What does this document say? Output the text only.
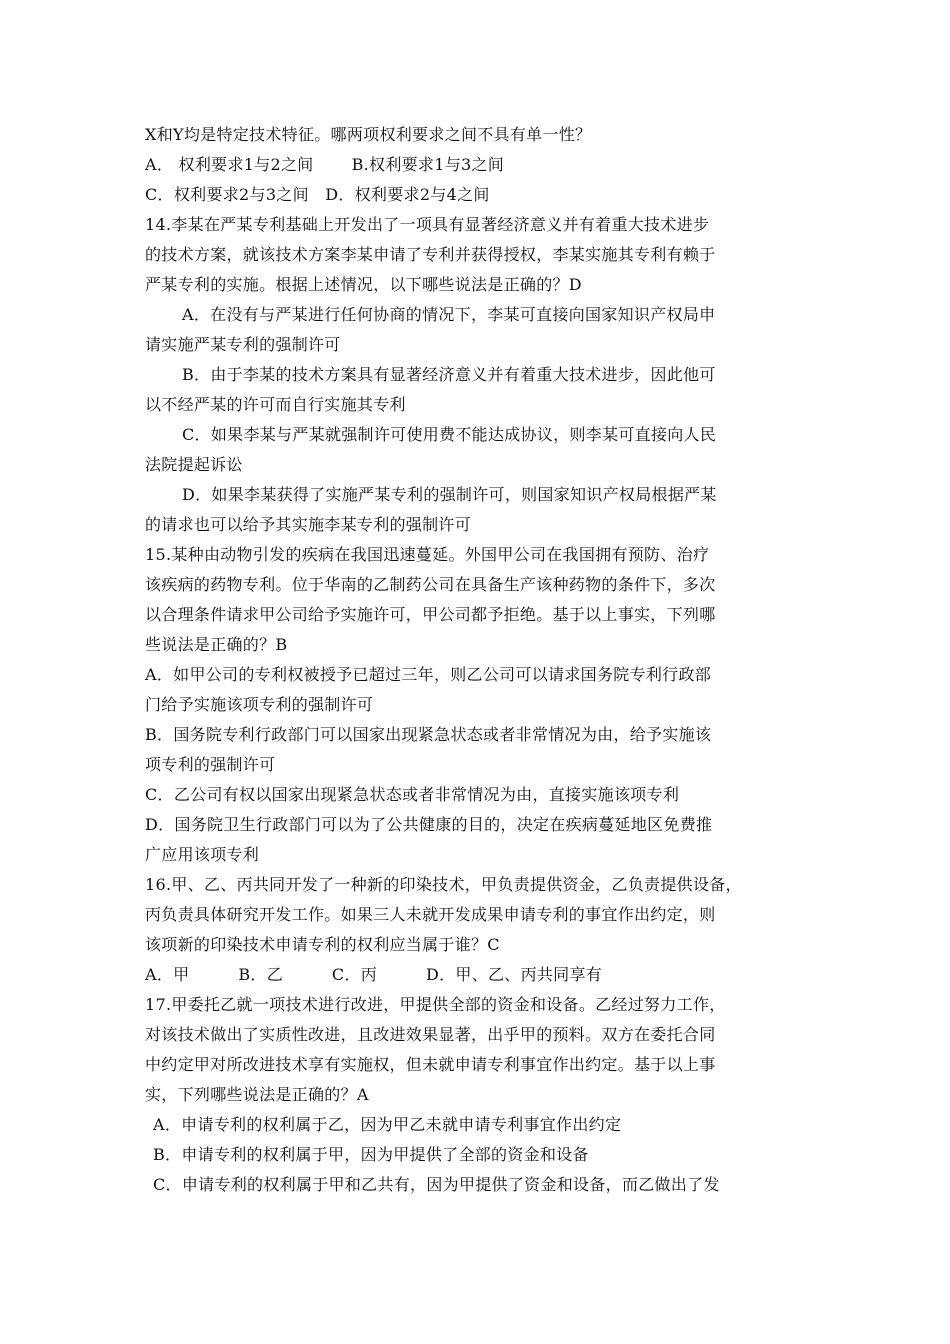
X和Y均是特定技术特征。哪两项权利要求之间不具有单一性？
A． 权利要求1与2之间　　 B.权利要求1与3之间
C．权利要求2与3之间　D．权利要求2与4之间
14.李某在严某专利基础上开发出了一项具有显著经济意义并有着重大技术进步
的技术方案，就该技术方案李某申请了专利并获得授权，李某实施其专利有赖于
严某专利的实施。根据上述情况，以下哪些说法是正确的？D
A．在没有与严某进行任何协商的情况下，李某可直接向国家知识产权局申
请实施严某专利的强制许可
B．由于李某的技术方案具有显著经济意义并有着重大技术进步，因此他可
以不经严某的许可而自行实施其专利
C．如果李某与严某就强制许可使用费不能达成协议，则李某可直接向人民
法院提起诉讼
D．如果李某获得了实施严某专利的强制许可，则国家知识产权局根据严某
的请求也可以给予其实施李某专利的强制许可
15.某种由动物引发的疾病在我国迅速蔓延。外国甲公司在我国拥有预防、治疗
该疾病的药物专利。位于华南的乙制药公司在具备生产该种药物的条件下，多次
以合理条件请求甲公司给予实施许可，甲公司都予拒绝。基于以上事实，下列哪
些说法是正确的？B
A．如甲公司的专利权被授予已超过三年，则乙公司可以请求国务院专利行政部
门给予实施该项专利的强制许可
B．国务院专利行政部门可以国家出现紧急状态或者非常情况为由，给予实施该
项专利的强制许可
C．乙公司有权以国家出现紧急状态或者非常情况为由，直接实施该项专利
D．国务院卫生行政部门可以为了公共健康的目的，决定在疾病蔓延地区免费推
广应用该项专利
16.甲、乙、丙共同开发了一种新的印染技术，甲负责提供资金，乙负责提供设备，
丙负责具体研究开发工作。如果三人未就开发成果申请专利的事宜作出约定，则
该项新的印染技术申请专利的权利应当属于谁？C
A．甲　　　B．乙　　　C．丙　　　D．甲、乙、丙共同享有
17.甲委托乙就一项技术进行改进，甲提供全部的资金和设备。乙经过努力工作，
对该技术做出了实质性改进，且改进效果显著，出乎甲的预料。双方在委托合同
中约定甲对所改进技术享有实施权，但未就申请专利事宜作出约定。基于以上事
实，下列哪些说法是正确的？A
A．申请专利的权利属于乙，因为甲乙未就申请专利事宜作出约定
B．申请专利的权利属于甲，因为甲提供了全部的资金和设备
C．申请专利的权利属于甲和乙共有，因为甲提供了资金和设备，而乙做出了发
